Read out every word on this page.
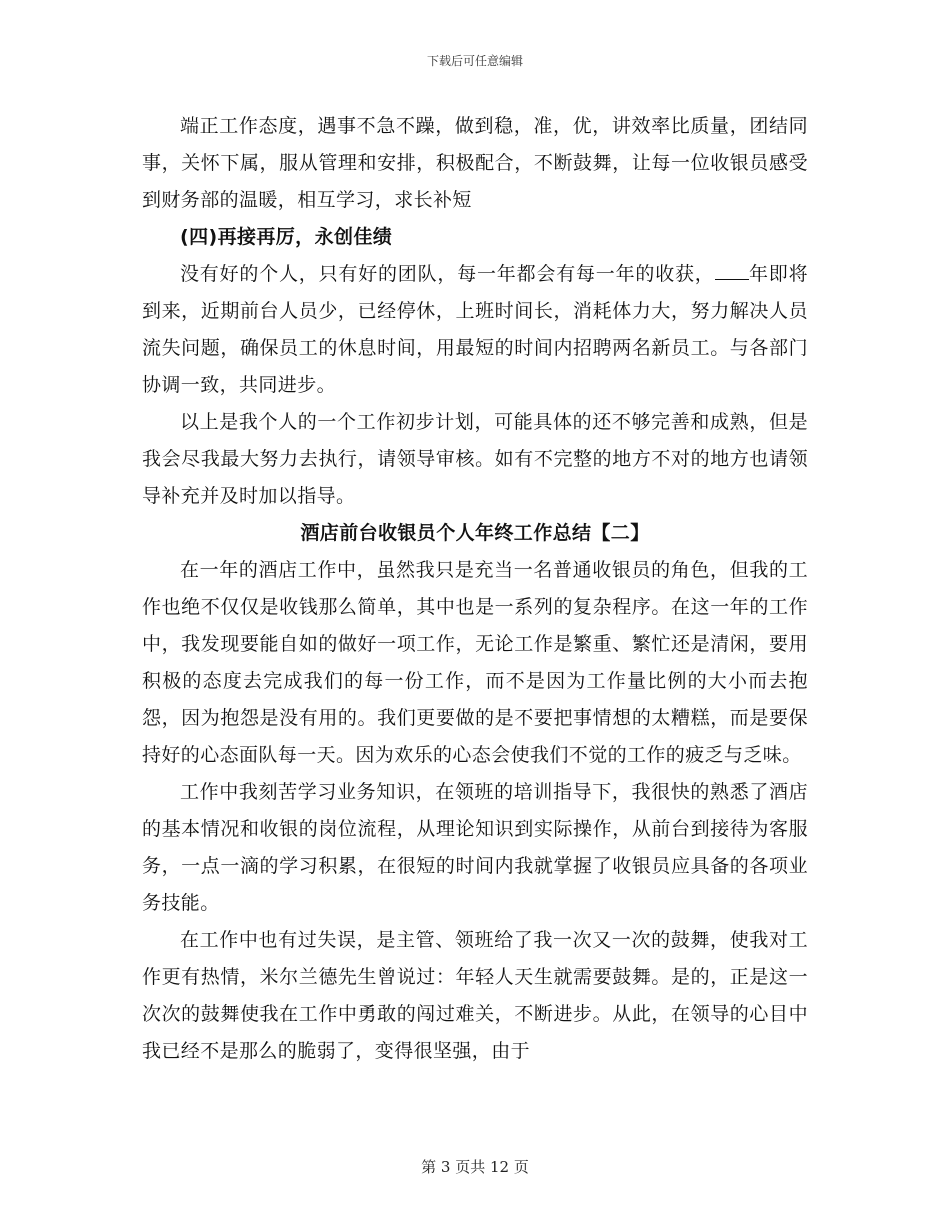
下载后可任意编辑

端正工作态度，遇事不急不躁，做到稳，准，优，讲效率比质量，团结同事，关怀下属，服从管理和安排，积极配合，不断鼓舞，让每一位收银员感受到财务部的温暖，相互学习，求长补短

(四)再接再厉，永创佳绩

没有好的个人，只有好的团队，每一年都会有每一年的收获， 年即将到来，近期前台人员少，已经停休，上班时间长，消耗体力大，努力解决人员流失问题，确保员工的休息时间，用最短的时间内招聘两名新员工。与各部门协调一致，共同进步。

以上是我个人的一个工作初步计划，可能具体的还不够完善和成熟，但是我会尽我最大努力去执行，请领导审核。如有不完整的地方不对的地方也请领导补充并及时加以指导。

酒店前台收银员个人年终工作总结【二】

在一年的酒店工作中，虽然我只是充当一名普通收银员的角色，但我的工作也绝不仅仅是收钱那么简单，其中也是一系列的复杂程序。在这一年的工作中，我发现要能自如的做好一项工作，无论工作是繁重、繁忙还是清闲，要用积极的态度去完成我们的每一份工作，而不是因为工作量比例的大小而去抱怨，因为抱怨是没有用的。我们更要做的是不要把事情想的太糟糕，而是要保持好的心态面队每一天。因为欢乐的心态会使我们不觉的工作的疲乏与乏味。

工作中我刻苦学习业务知识，在领班的培训指导下，我很快的熟悉了酒店的基本情况和收银的岗位流程，从理论知识到实际操作，从前台到接待为客服务，一点一滴的学习积累，在很短的时间内我就掌握了收银员应具备的各项业务技能。

在工作中也有过失误，是主管、领班给了我一次又一次的鼓舞，使我对工作更有热情，米尔兰德先生曾说过：年轻人天生就需要鼓舞。是的，正是这一次次的鼓舞使我在工作中勇敢的闯过难关，不断进步。从此，在领导的心目中我已经不是那么的脆弱了，变得很坚强，由于

第 3 页共 12 页
